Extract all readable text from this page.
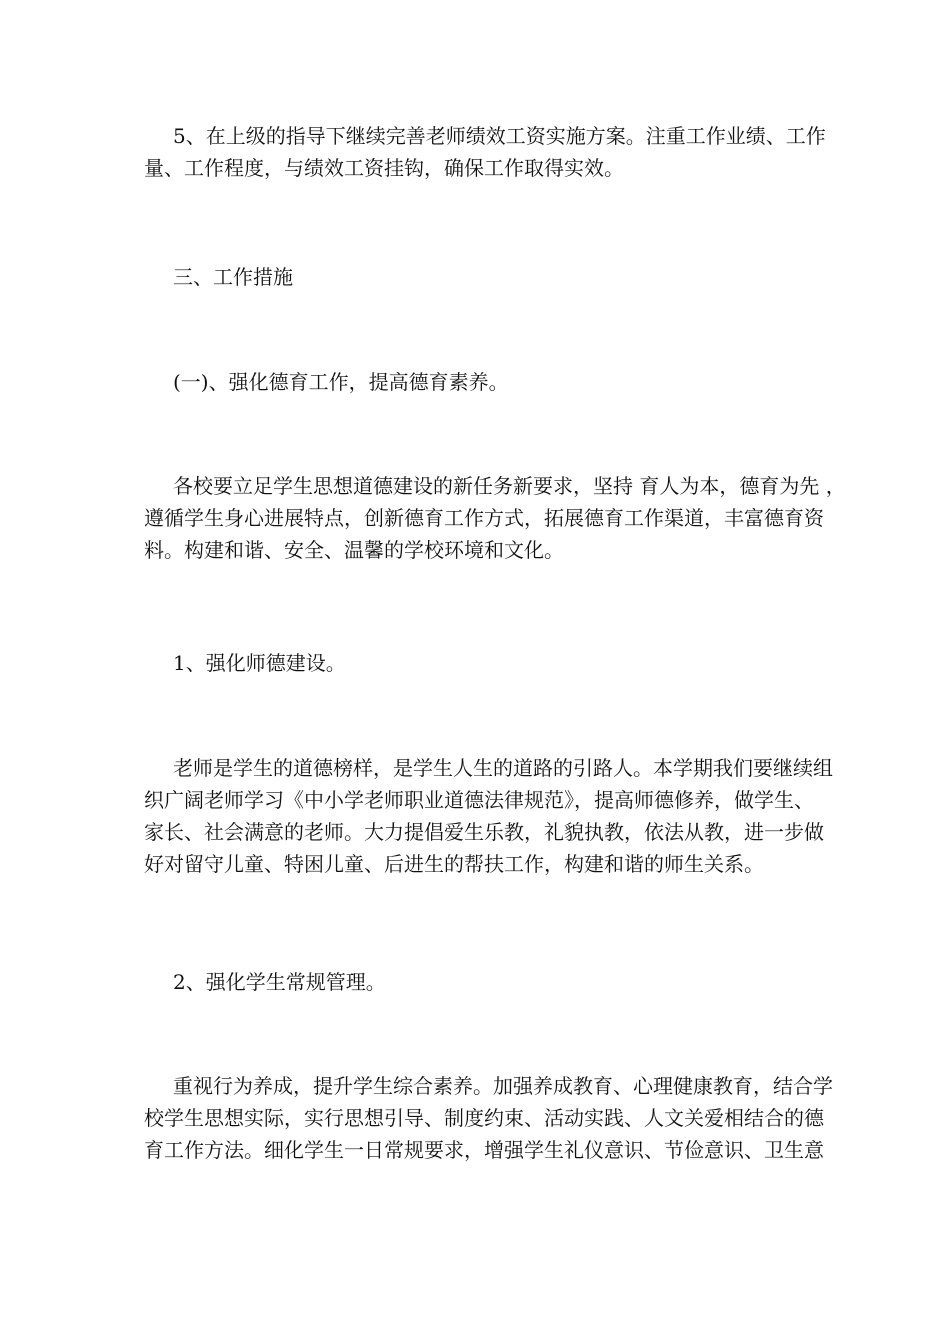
5、在上级的指导下继续完善老师绩效工资实施方案。注重工作业绩、工作
量、工作程度，与绩效工资挂钩，确保工作取得实效。
三、工作措施
(一)、强化德育工作，提高德育素养。
各校要立足学生思想道德建设的新任务新要求，坚持 育人为本，德育为先 ，
遵循学生身心进展特点，创新德育工作方式，拓展德育工作渠道，丰富德育资
料。构建和谐、安全、温馨的学校环境和文化。
1、强化师德建设。
老师是学生的道德榜样，是学生人生的道路的引路人。本学期我们要继续组
织广阔老师学习《中小学老师职业道德法律规范》，提高师德修养，做学生、
家长、社会满意的老师。大力提倡爱生乐教，礼貌执教，依法从教，进一步做
好对留守儿童、特困儿童、后进生的帮扶工作，构建和谐的师生关系。
2、强化学生常规管理。
重视行为养成，提升学生综合素养。加强养成教育、心理健康教育，结合学
校学生思想实际，实行思想引导、制度约束、活动实践、人文关爱相结合的德
育工作方法。细化学生一日常规要求，增强学生礼仪意识、节俭意识、卫生意
